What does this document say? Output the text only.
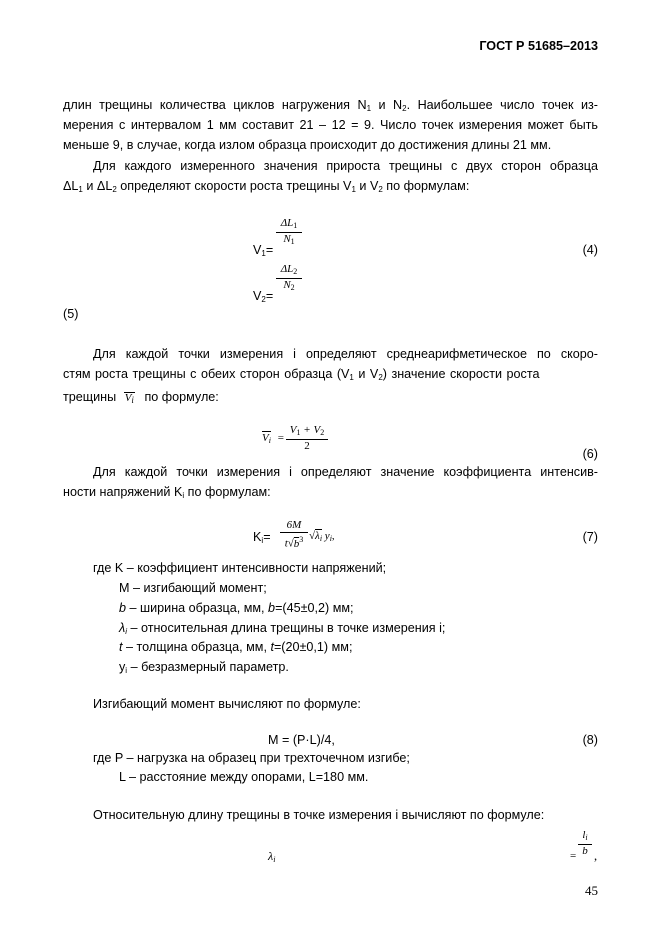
ГОСТ Р 51685–2013
длин трещины количества циклов нагружения $N_1$ и $N_2$. Наибольшее число точек из-
мерения с интервалом 1 мм составит 21 – 12 = 9. Число точек измерения может быть
меньше 9, в случае, когда излом образца происходит до достижения длины 21 мм.
Для каждого измеренного значения прироста трещины с двух сторон образца
$\Delta L_1$ и $\Delta L_2$ определяют скорости роста трещины $V_1$ и $V_2$ по формулам:
$V_1=$
$\Delta L_1$
$N_1$
(4)
$V_2=$
$\Delta L_2$
$N_2$
(5)
Для каждой точки измерения i определяют среднеарифметическое по скоро-
стям роста трещины с обеих сторон образца ($V_1$ и $V_2$) значение скорости роста
трещины $V_i$ по формуле:
$V_i$ =
$V_1 + V_2$
2
(6)
Для каждой точки измерения i определяют значение коэффициента интенсив-
ности напряжений $K_i$ по формулам:
$K_i=$
6M
$t√b^3$ $√\lambda_i$ $y_i$,	(7)
где K – коэффициент интенсивности напряжений;
M – изгибающий момент;
b – ширина образца, мм, b=(45±0,2) мм;
$\lambda_i$ – относительная длина трещины в точке измерения i;
t – толщина образца, мм, t=(20±0,1) мм;
$y_i$ – безразмерный параметр.
Изгибающий момент вычисляют по формуле:
M = (P·L)/4,	(8)
где P – нагрузка на образец при трехточечном изгибе;
L – расстояние между опорами, L=180 мм.
Относительную длину трещины в точке измерения i вычисляют по формуле:
$\lambda_i$	=
$l_i$
b ,
45
